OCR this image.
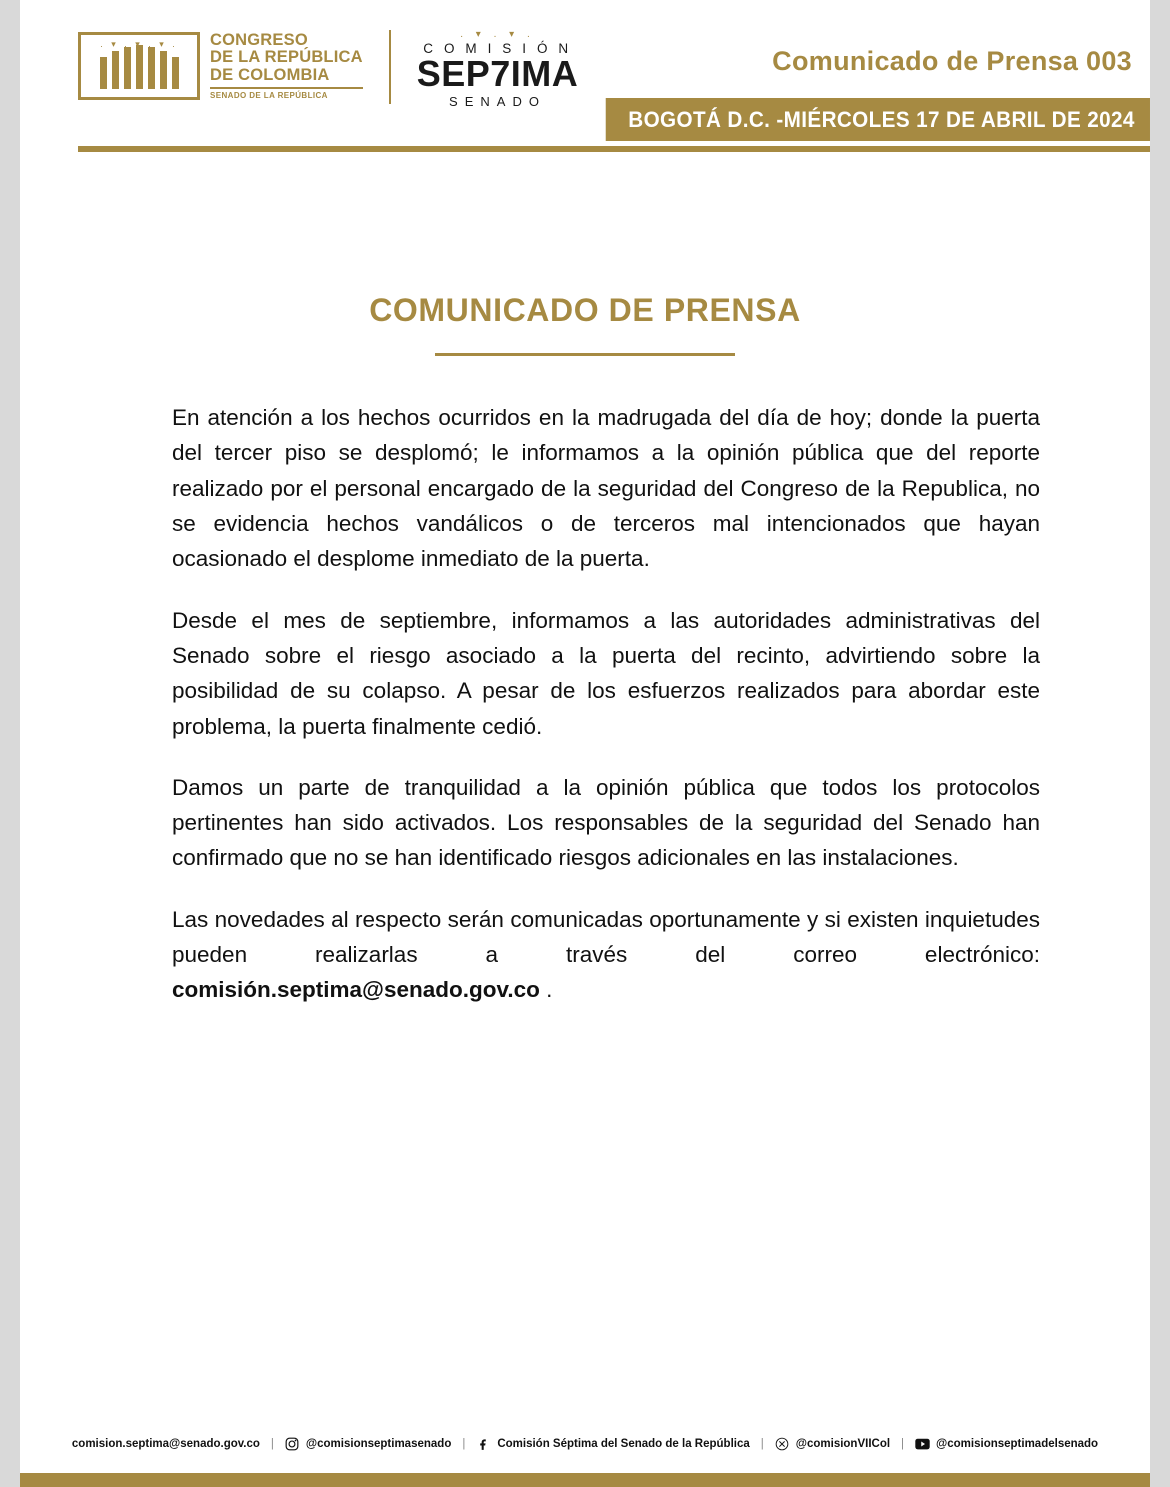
. ▾ . ▾ . ▾ .	CONGRESO
DE LA REPÚBLICA
DE COLOMBIA
SENADO DE LA REPÚBLICA
. ▾ . ▾ .
C O M I S I Ó N
SEP7IMA
SENADO
Comunicado de Prensa 003
BOGOTÁ D.C. -MIÉRCOLES 17 DE ABRIL DE 2024
COMUNICADO DE PRENSA

En atención a los hechos ocurridos en la madrugada del día de hoy; donde la puerta del tercer piso se desplomó; le informamos a la opinión pública que del reporte realizado por el personal encargado de la seguridad del Congreso de la Republica, no se evidencia hechos vandálicos o de terceros mal intencionados que hayan ocasionado el desplome inmediato de la puerta.

Desde el mes de septiembre, informamos a las autoridades administrativas del Senado sobre el riesgo asociado a la puerta del recinto, advirtiendo sobre la posibilidad de su colapso. A pesar de los esfuerzos realizados para abordar este problema, la puerta finalmente cedió.

Damos un parte de tranquilidad a la opinión pública que todos los protocolos pertinentes han sido activados. Los responsables de la seguridad del Senado han confirmado que no se han identificado riesgos adicionales en las instalaciones.

Las novedades al respecto serán comunicadas oportunamente y si existen inquietudes pueden realizarlas a través del correo electrónico: comisión.septima@senado.gov.co .

comision.septima@senado.gov.co |	@comisionseptimasenado |	Comisión Séptima del Senado de la República |	@comisionVIICol |	@comisionseptimadelsenado
